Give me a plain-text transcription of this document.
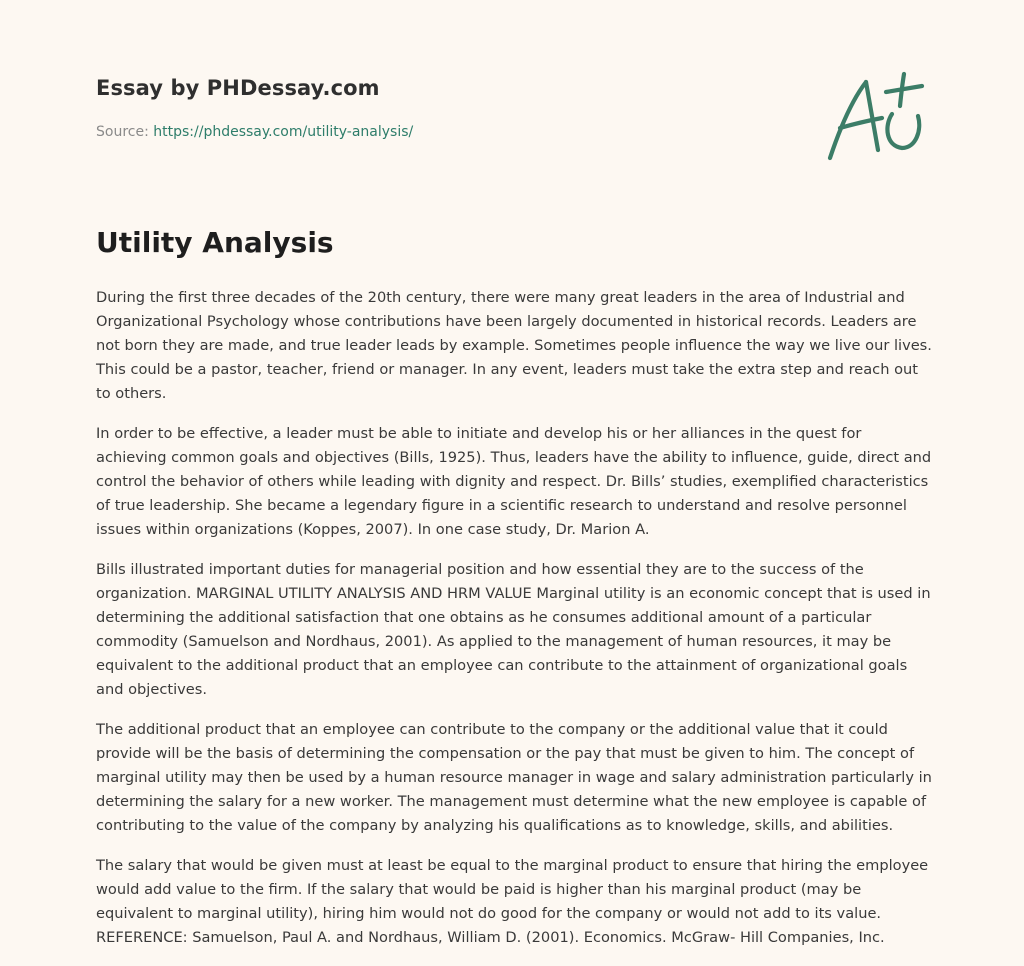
Essay by PHDessay.com
Source: https://phdessay.com/utility-analysis/
Utility Analysis

During the first three decades of the 20th century, there were many great leaders in the area of Industrial and Organizational Psychology whose contributions have been largely documented in historical records. Leaders are not born they are made, and true leader leads by example. Sometimes people influence the way we live our lives. This could be a pastor, teacher, friend or manager. In any event, leaders must take the extra step and reach out to others.

In order to be effective, a leader must be able to initiate and develop his or her alliances in the quest for achieving common goals and objectives (Bills, 1925). Thus, leaders have the ability to influence, guide, direct and control the behavior of others while leading with dignity and respect. Dr. Bills’ studies, exemplified characteristics of true leadership. She became a legendary figure in a scientific research to understand and resolve personnel issues within organizations (Koppes, 2007). In one case study, Dr. Marion A.

Bills illustrated important duties for managerial position and how essential they are to the success of the organization. MARGINAL UTILITY ANALYSIS AND HRM VALUE Marginal utility is an economic concept that is used in determining the additional satisfaction that one obtains as he consumes additional amount of a particular commodity (Samuelson and Nordhaus, 2001). As applied to the management of human resources, it may be equivalent to the additional product that an employee can contribute to the attainment of organizational goals and objectives.

The additional product that an employee can contribute to the company or the additional value that it could provide will be the basis of determining the compensation or the pay that must be given to him. The concept of marginal utility may then be used by a human resource manager in wage and salary administration particularly in determining the salary for a new worker. The management must determine what the new employee is capable of contributing to the value of the company by analyzing his qualifications as to knowledge, skills, and abilities.

The salary that would be given must at least be equal to the marginal product to ensure that hiring the employee would add value to the firm. If the salary that would be paid is higher than his marginal product (may be equivalent to marginal utility), hiring him would not do good for the company or would not add to its value. REFERENCE: Samuelson, Paul A. and Nordhaus, William D. (2001). Economics. McGraw- Hill Companies, Inc.
